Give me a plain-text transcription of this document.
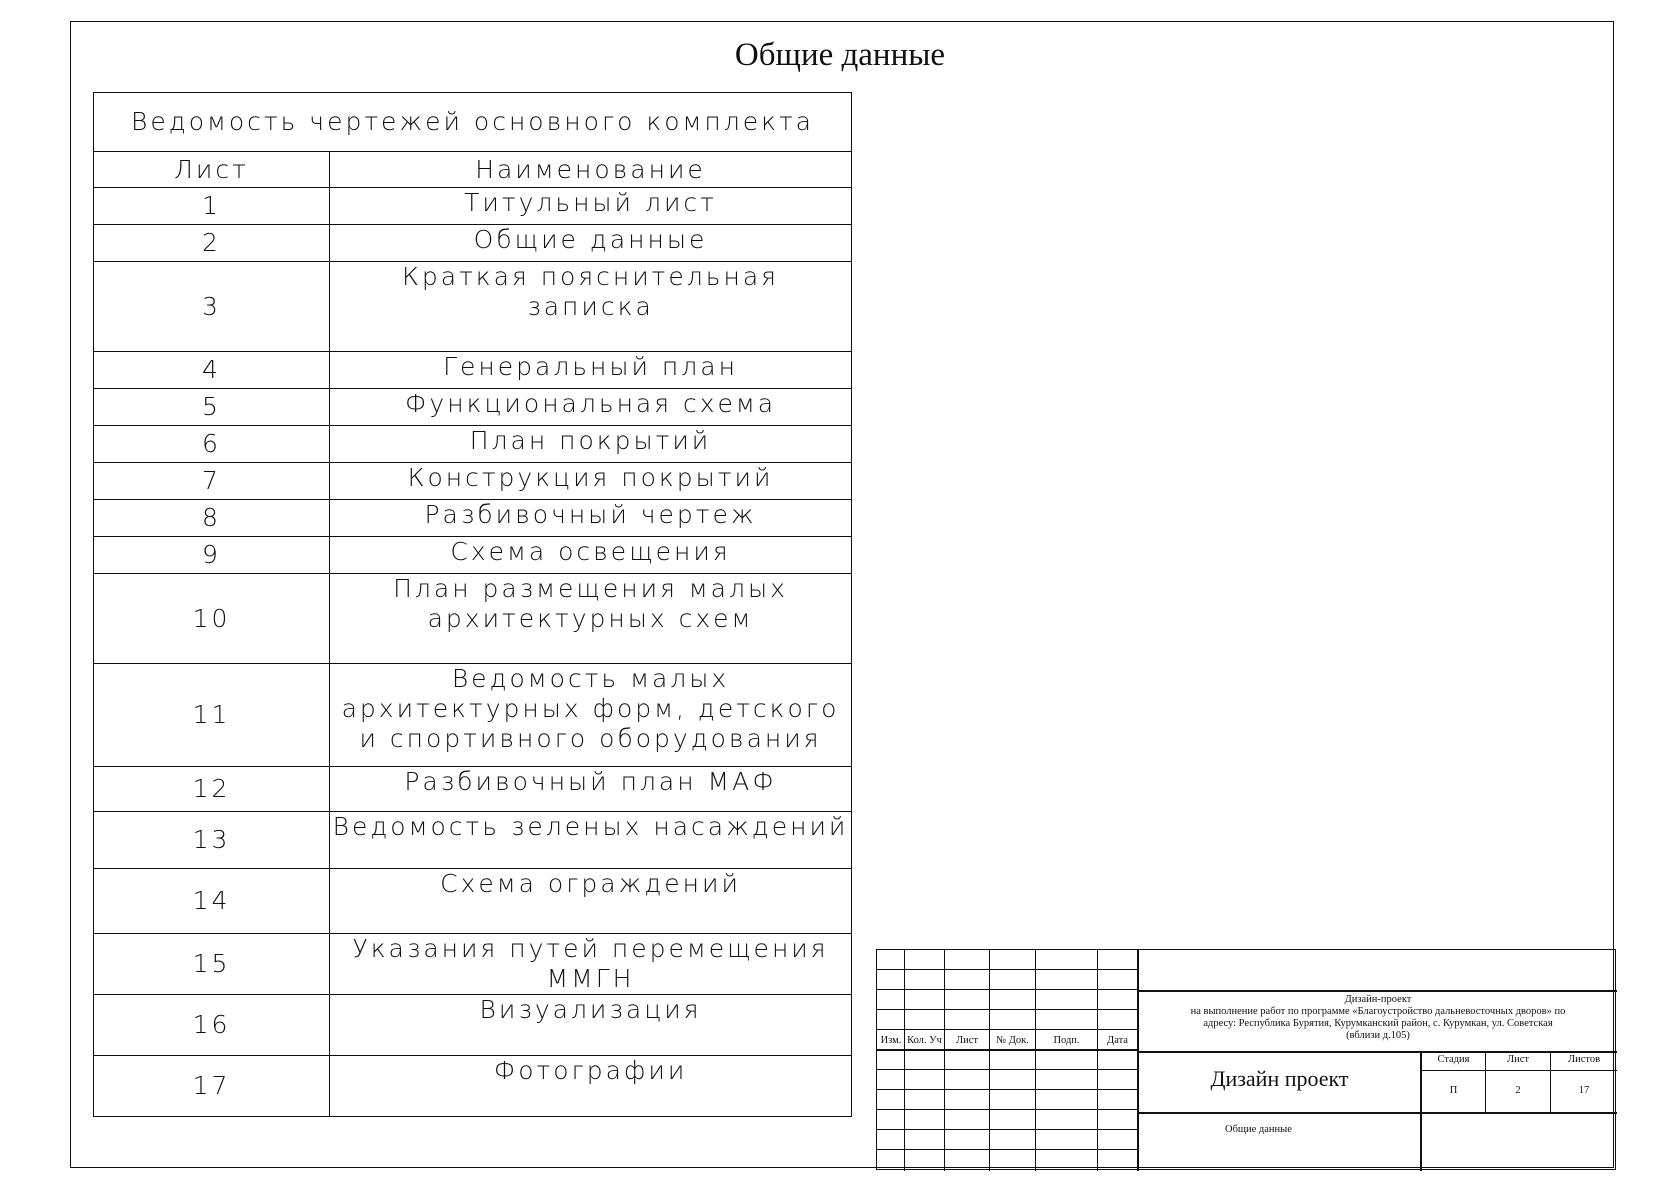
Общие данные
Ведомость чертежей основного комплекта	
Лист	Наименование
1	Титульный лист

2	Общие данные

3	Краткая пояснительная
записка

4	Генеральный план

5	Функциональная схема

6	План покрытий

7	Конструкция покрытий

8	Разбивочный чертеж

9	Схема освещения

10	План размещения малых
архитектурных схем

11	Ведомость малых
архитектурных форм, детского
и спортивного оборудования

12	Разбивочный план МАФ

13	Ведомость зеленых насаждений

14	Схема ограждений

15	Указания путей перемещения
ММГН

16	Визуализация

17	Фотографии
Изм. Кол. Уч	Лист	№ Док.	Подп.	Дата
Дизайн-проект
на выполнение работ по программе «Благоустройство дальневосточных дворов» по
адресу: Республика Бурятия, Курумканский район, с. Курумкан, ул. Советская
(вблизи д.105)
Дизайн проект
Общие данные
Стадия	Лист	Листов
П	2	17
